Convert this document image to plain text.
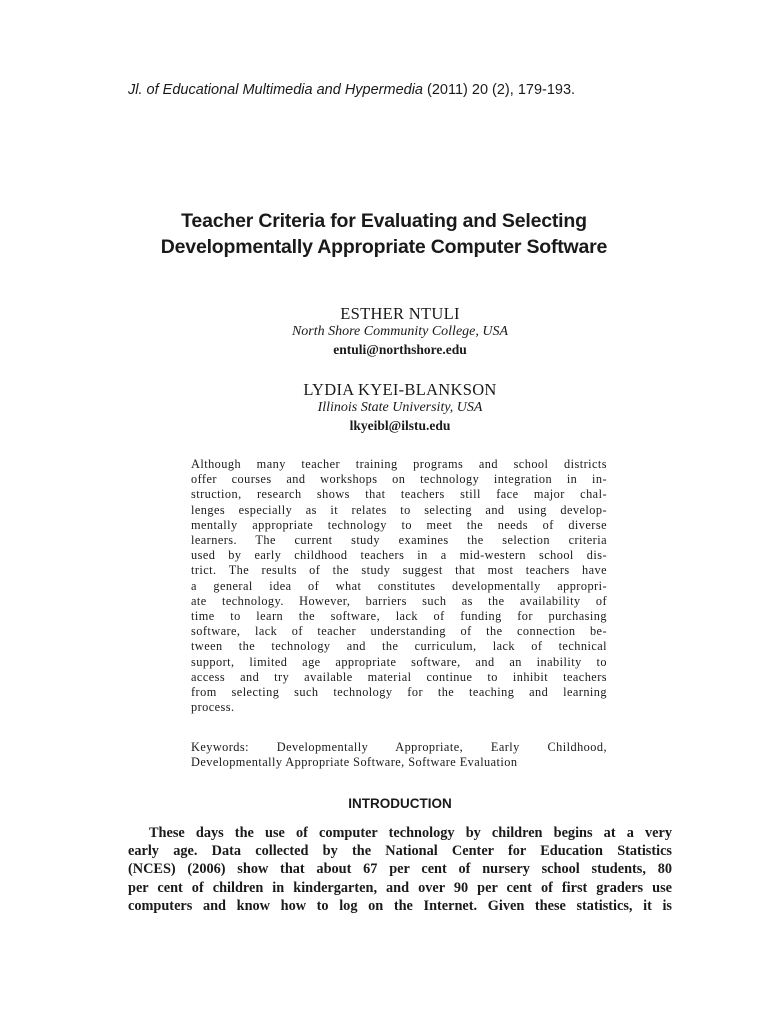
Jl. of Educational Multimedia and Hypermedia (2011) 20 (2), 179-193.
Teacher Criteria for Evaluating and Selecting
Developmentally Appropriate Computer Software
ESTHER NTULI
North Shore Community College, USA
entuli@northshore.edu
LYDIA KYEI-BLANKSON
Illinois State University, USA
lkyeibl@ilstu.edu
Although many teacher training programs and school districts
offer courses and workshops on technology integration in in-
struction, research shows that teachers still face major chal-
lenges especially as it relates to selecting and using develop-
mentally appropriate technology to meet the needs of diverse
learners. The current study examines the selection criteria
used by early childhood teachers in a mid-western school dis-
trict. The results of the study suggest that most teachers have
a general idea of what constitutes developmentally appropri-
ate technology. However, barriers such as the availability of
time to learn the software, lack of funding for purchasing
software, lack of teacher understanding of the connection be-
tween the technology and the curriculum, lack of technical
support, limited age appropriate software, and an inability to
access and try available material continue to inhibit teachers
from selecting such technology for the teaching and learning
process.
Keywords: Developmentally Appropriate, Early Childhood,
Developmentally Appropriate Software, Software Evaluation
INTRODUCTION
These days the use of computer technology by children begins at a very
early age. Data collected by the National Center for Education Statistics
(NCES) (2006) show that about 67 per cent of nursery school students, 80
per cent of children in kindergarten, and over 90 per cent of first graders use
computers and know how to log on the Internet. Given these statistics, it is
